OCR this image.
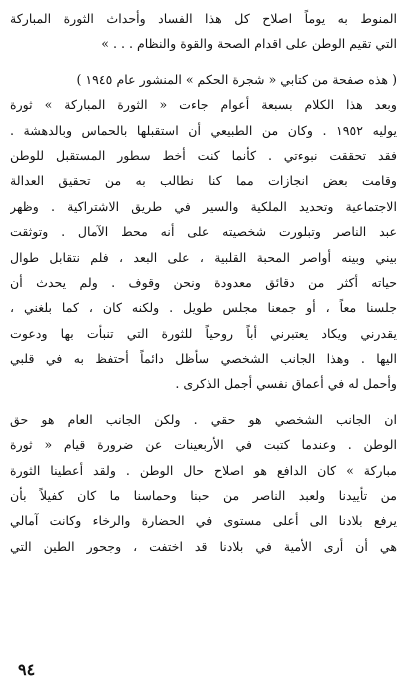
المنوط به يوماً اصلاح كل هذا الفساد وأحداث الثورة المباركة
التي تقيم الوطن على اقدام الصحة والقوة والنظام . . . »
( هذه صفحة من كتابي « شجرة الحكم » المنشور عام ١٩٤٥ )
وبعد هذا الكلام بسبعة أعوام جاءت « الثورة المباركة » ثورة
يوليه ١٩٥٢ . وكان من الطبيعي أن استقبلها بالحماس وبالدهشة .
فقد تحققت نبوءتي . كأنما كنت أخط سطور المستقبل للوطن
وقامت بعض انجازات مما كنا نطالب به من تحقيق العدالة
الاجتماعية وتحديد الملكية والسير في طريق الاشتراكية . وظهر
عبد الناصر وتبلورت شخصيته على أنه محط الآمال . وتوثقت
بيني وبينه أواصر المحبة القلبية ، على البعد ، فلم نتقابل طوال
حياته أكثر من دقائق معدودة ونحن وقوف . ولم يحدث أن
جلسنا معاً ، أو جمعنا مجلس طويل . ولكنه كان ، كما بلغني ،
يقدرني ويكاد يعتبرني أباً روحياً للثورة التي تنبأت بها ودعوت
اليها . وهذا الجانب الشخصي سأظل دائماً أحتفظ به في قلبي
وأحمل له في أعماق نفسي أجمل الذكرى .
ان الجانب الشخصي هو حقي . ولكن الجانب العام هو حق
الوطن . وعندما كتبت في الأربعينات عن ضرورة قيام « ثورة
مباركة » كان الدافع هو اصلاح حال الوطن . ولقد أعطينا الثورة
من تأييدنا ولعبد الناصر من حبنا وحماسنا ما كان كفيلاً بأن
يرفع بلادنا الى أعلى مستوى في الحضارة والرخاء وكانت آمالي
هي أن أرى الأمية في بلادنا قد اختفت ، وجحور الطين التي
٩٤
